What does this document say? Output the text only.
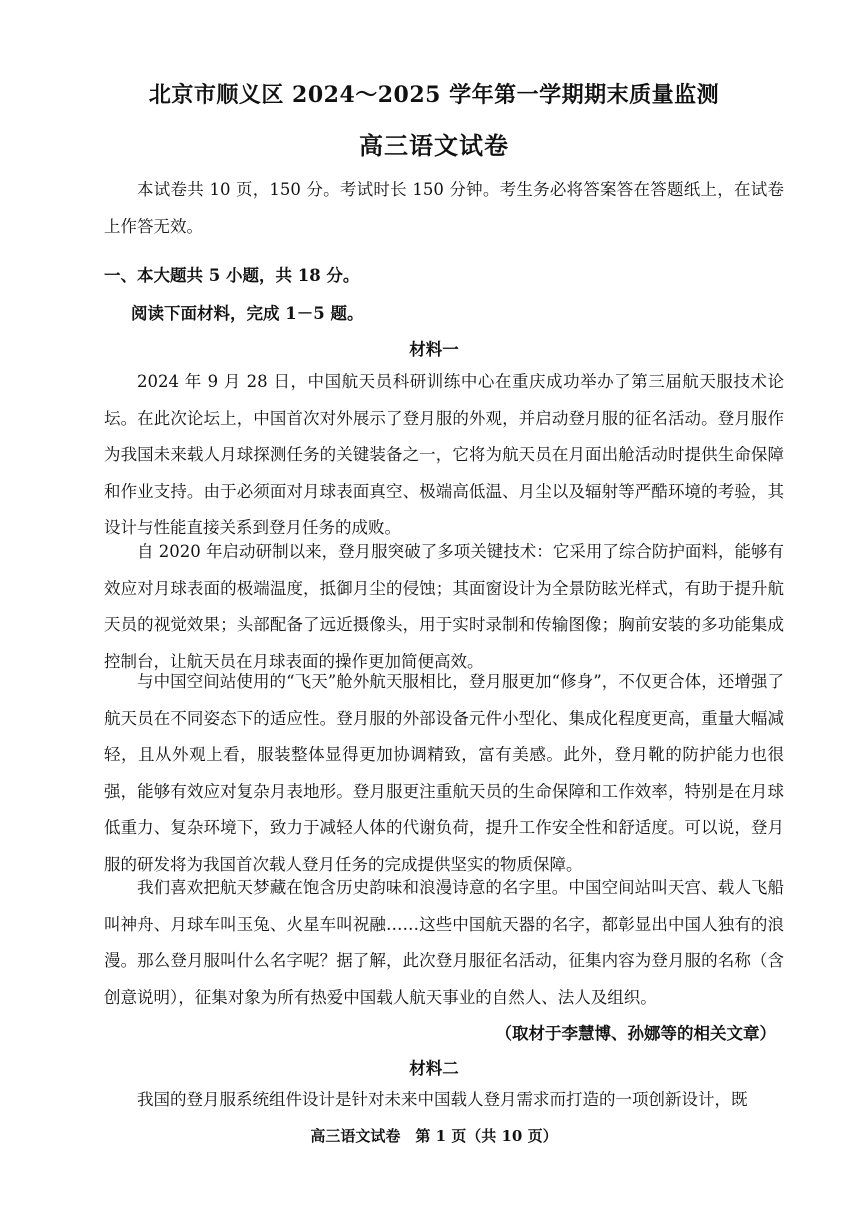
北京市顺义区 2024～2025 学年第一学期期末质量监测
高三语文试卷
本试卷共 10 页，150 分。考试时长 150 分钟。考生务必将答案答在答题纸上，在试卷上作答无效。
一、本大题共 5 小题，共 18 分。
阅读下面材料，完成 1－5 题。
材料一
2024 年 9 月 28 日，中国航天员科研训练中心在重庆成功举办了第三届航天服技术论坛。在此次论坛上，中国首次对外展示了登月服的外观，并启动登月服的征名活动。登月服作为我国未来载人月球探测任务的关键装备之一，它将为航天员在月面出舱活动时提供生命保障和作业支持。由于必须面对月球表面真空、极端高低温、月尘以及辐射等严酷环境的考验，其设计与性能直接关系到登月任务的成败。
自 2020 年启动研制以来，登月服突破了多项关键技术：它采用了综合防护面料，能够有效应对月球表面的极端温度，抵御月尘的侵蚀；其面窗设计为全景防眩光样式，有助于提升航天员的视觉效果；头部配备了远近摄像头，用于实时录制和传输图像；胸前安装的多功能集成控制台，让航天员在月球表面的操作更加简便高效。
与中国空间站使用的“飞天”舱外航天服相比，登月服更加“修身”，不仅更合体，还增强了航天员在不同姿态下的适应性。登月服的外部设备元件小型化、集成化程度更高，重量大幅减轻，且从外观上看，服装整体显得更加协调精致，富有美感。此外，登月靴的防护能力也很强，能够有效应对复杂月表地形。登月服更注重航天员的生命保障和工作效率，特别是在月球低重力、复杂环境下，致力于减轻人体的代谢负荷，提升工作安全性和舒适度。可以说，登月服的研发将为我国首次载人登月任务的完成提供坚实的物质保障。
我们喜欢把航天梦藏在饱含历史韵味和浪漫诗意的名字里。中国空间站叫天宫、载人飞船叫神舟、月球车叫玉兔、火星车叫祝融……这些中国航天器的名字，都彰显出中国人独有的浪漫。那么登月服叫什么名字呢？据了解，此次登月服征名活动，征集内容为登月服的名称（含创意说明），征集对象为所有热爱中国载人航天事业的自然人、法人及组织。
（取材于李慧博、孙娜等的相关文章）
材料二
我国的登月服系统组件设计是针对未来中国载人登月需求而打造的一项创新设计，既
高三语文试卷　第 1 页（共 10 页）
